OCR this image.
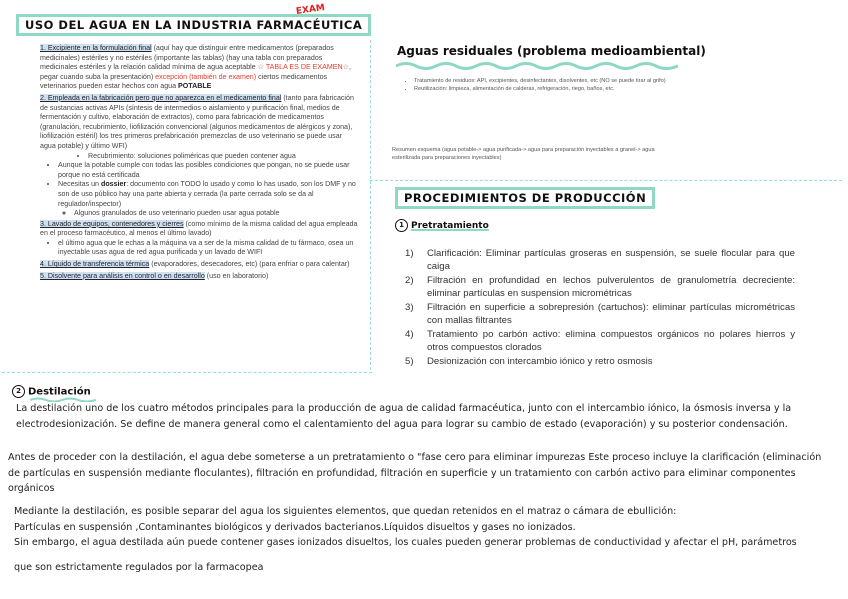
USO DEL AGUA EN LA INDUSTRIA FARMACÉUTICA
EXAM
Aguas residuales (problema medioambiental)
PROCEDIMIENTOS DE PRODUCCIÓN
1. Excipiente en la formulación final (aquí hay que distinguir entre medicamentos (preparados medicinales) estériles y no estériles (importante las tablas) (hay una tabla con preparados medicinales estériles y la relación calidad mínima de agua aceptable ☆ TABLA ES DE EXAMEN☆, pegar cuando suba la presentación) excepción (también de examen) ciertos medicamentos veterinarios pueden estar hechos con agua POTABLE
2. Empleada en la fabricación pero que no aparezca en el medicamento final (tanto para fabricación de sustancias activas APIs (síntesis de intermedios o aislamiento y purificación final, medios de fermentación y cultivo, elaboración de extractos), como para fabricación de medicamentos (granulación, recubrimiento, liofilización convencional (algunos medicamentos de alérgicos y zona), liofilización estéril) los tres primeros prefabricación premezclas de uso veterinario se puede usar agua potable) y último WFI)
• Recubrimiento: soluciones poliméricas que pueden contener agua
• Aunque la potable cumple con todas las posibles condiciones que pongan, no se puede usar porque no está certificada
• Necesitas un dossier: documento con TODO lo usado y como lo has usado, son los DMF y no son de uso público hay una parte abierta y cerrada (la parte cerrada solo se da al regulador/inspector)
◦ Algunos granulados de uso veterinario pueden usar agua potable
3. Lavado de equipos, contenedores y cierres (como mínimo de la misma calidad del agua empleada en el proceso farmacéutico, al menos el último lavado)
• el último agua que le echas a la máquina va a ser de la misma calidad de tu fármaco, osea un inyectable usas agua de red agua purificada y un lavado de WIFI
4. Líquido de transferencia térmica (evaporadores, desecadores, etc) (para enfriar o para calentar)
5. Disolvente para análisis en control o en desarrollo (uso en laboratorio)
• Tratamiento de residuos: API, excipientes, desinfectantes, disolventes, etc (NO se puede tirar al grifo)
• Reutilización: limpieza, alimentación de calderas, refrigeración, riego, baños, etc.
Resumen esquema (agua potable-> agua purificada-> agua para preparación inyectables a granel-> agua esterilizada para preparaciones inyectables)
1 Pretratamiento
1)	Clarificación: Eliminar partículas groseras en suspensión, se suele flocular para que caiga
2)	Filtración en profundidad en lechos pulverulentos de granulometría decreciente: eliminar partículas en suspension micrométricas
3)	Filtración en superficie a sobrepresión (cartuchos): eliminar partículas micrométricas con mallas filtrantes
4)	Tratamiento po carbón activo: elimina compuestos orgánicos no polares hierros y otros compuestos clorados
5)	Desionización con intercambio iónico y retro osmosis
2 Destilación
La destilación uno de los cuatro métodos principales para la producción de agua de calidad farmacéutica, junto con el intercambio iónico, la ósmosis inversa y la electrodesionización. Se define de manera general como el calentamiento del agua para lograr su cambio de estado (evaporación) y su posterior condensación.
Antes de proceder con la destilación, el agua debe someterse a un pretratamiento o "fase cero para eliminar impurezas Este proceso incluye la clarificación (eliminación de partículas en suspensión mediante floculantes), filtración en profundidad, filtración en superficie y un tratamiento con carbón activo para eliminar componentes orgánicos
Mediante la destilación, es posible separar del agua los siguientes elementos, que quedan retenidos en el matraz o cámara de ebullición:
Partículas en suspensión ,Contaminantes biológicos y derivados bacterianos.Líquidos disueltos y gases no ionizados.
Sin embargo, el agua destilada aún puede contener gases ionizados disueltos, los cuales pueden generar problemas de conductividad y afectar el pH, parámetros
que son estrictamente regulados por la farmacopea
